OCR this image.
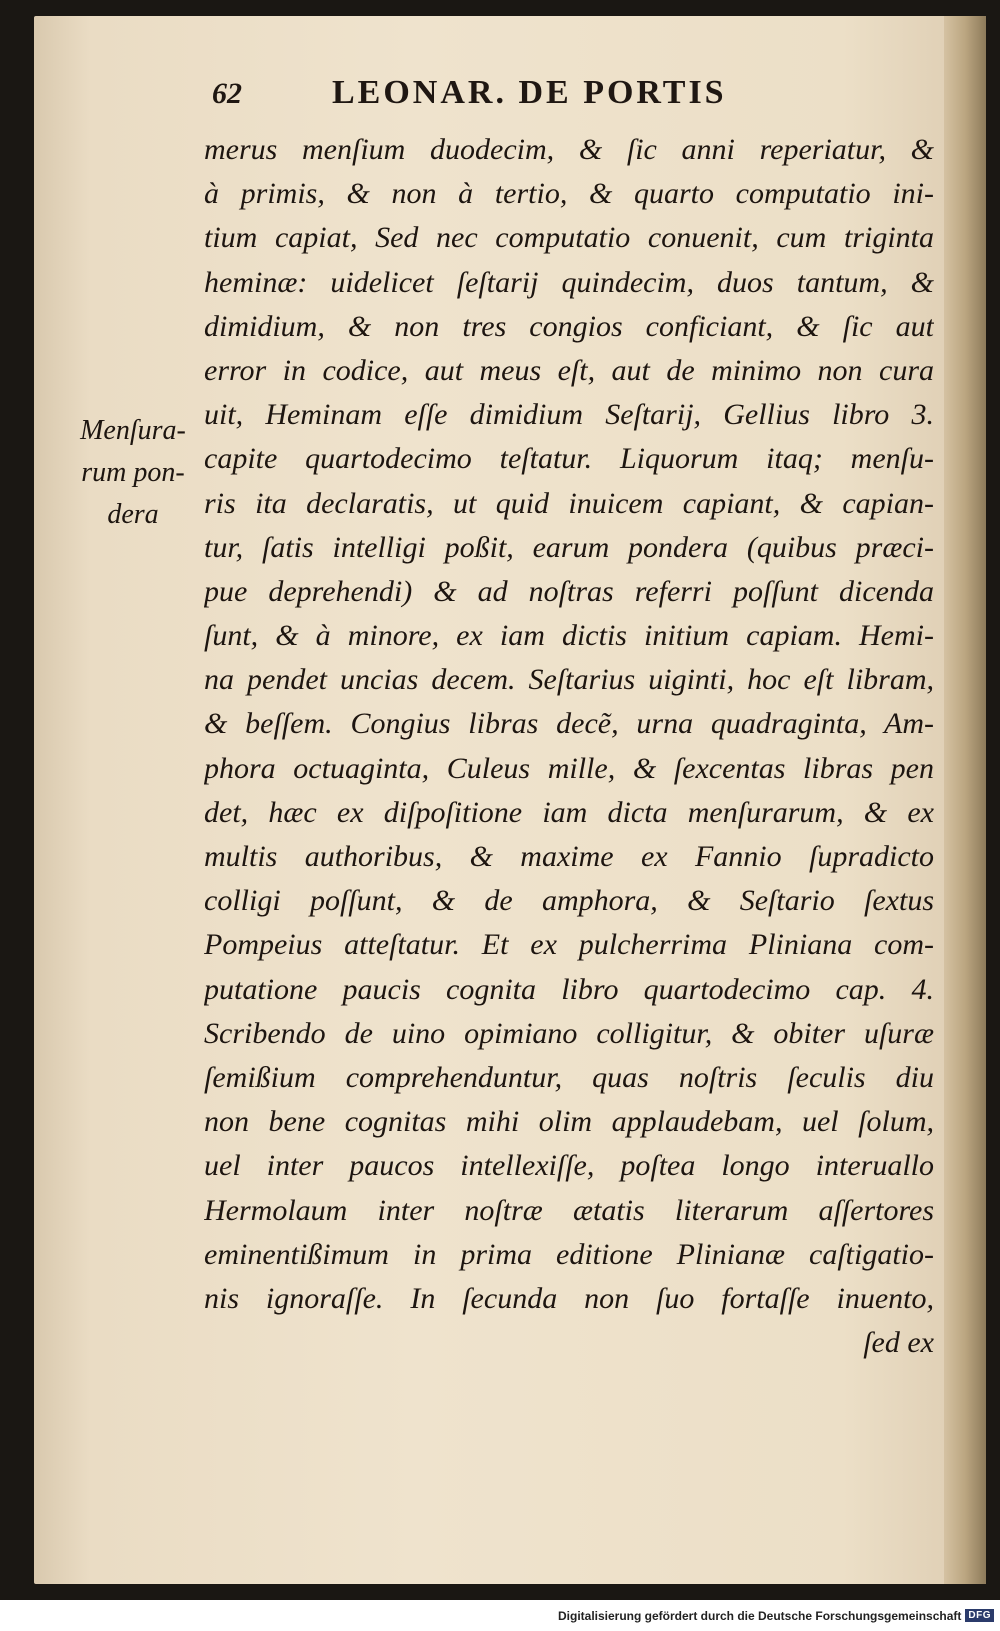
62	LEONAR. DE PORTIS
Menſura-
rum pon-
dera
merus menſium duodecim, & ſic anni reperiatur, &
à primis, & non à tertio, & quarto computatio ini-
tium capiat, Sed nec computatio conuenit, cum triginta
heminæ: uidelicet ſeſtarij quindecim, duos tantum, &
dimidium, & non tres congios conficiant, & ſic aut
error in codice, aut meus eſt, aut de minimo non cura
uit, Heminam eſſe dimidium Seſtarij, Gellius libro 3.
capite quartodecimo teſtatur. Liquorum itaq; menſu-
ris ita declaratis, ut quid inuicem capiant, & capian-
tur, ſatis intelligi poßit, earum pondera (quibus præci-
pue deprehendi) & ad noſtras referri poſſunt dicenda
ſunt, & à minore, ex iam dictis initium capiam. Hemi-
na pendet uncias decem. Seſtarius uiginti, hoc eſt libram,
& beſſem. Congius libras decẽ, urna quadraginta, Am-
phora octuaginta, Culeus mille, & ſexcentas libras pen
det, hæc ex diſpoſitione iam dicta menſurarum, & ex
multis authoribus, & maxime ex Fannio ſupradicto
colligi poſſunt, & de amphora, & Seſtario ſextus
Pompeius atteſtatur. Et ex pulcherrima Pliniana com-
putatione paucis cognita libro quartodecimo cap. 4.
Scribendo de uino opimiano colligitur, & obiter uſuræ
ſemißium comprehenduntur, quas noſtris ſeculis diu
non bene cognitas mihi olim applaudebam, uel ſolum,
uel inter paucos intellexiſſe, poſtea longo interuallo
Hermolaum inter noſtræ ætatis literarum aſſertores
eminentißimum in prima editione Plinianæ caſtigatio-
nis ignoraſſe. In ſecunda non ſuo fortaſſe inuento,
ſed ex
Digitalisierung gefördert durch die Deutsche Forschungsgemeinschaft DFG
